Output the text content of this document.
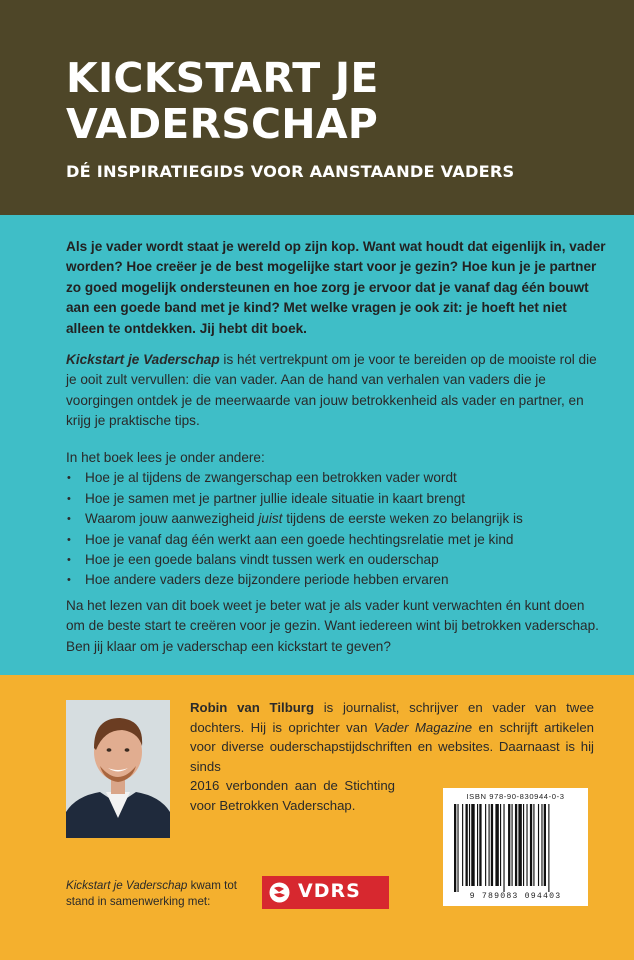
KICKSTART JE VADERSCHAP
DÉ INSPIRATIEGIDS VOOR AANSTAANDE VADERS
Als je vader wordt staat je wereld op zijn kop. Want wat houdt dat eigenlijk in, vader worden? Hoe creëer je de best mogelijke start voor je gezin? Hoe kun je je partner zo goed mogelijk ondersteunen en hoe zorg je ervoor dat je vanaf dag één bouwt aan een goede band met je kind? Met welke vragen je ook zit: je hoeft het niet alleen te ontdekken. Jij hebt dit boek.
Kickstart je Vaderschap is hét vertrekpunt om je voor te bereiden op de mooiste rol die je ooit zult vervullen: die van vader. Aan de hand van verhalen van vaders die je voorgingen ontdek je de meerwaarde van jouw betrokkenheid als vader en partner, en krijg je praktische tips.
In het boek lees je onder andere:
• Hoe je al tijdens de zwangerschap een betrokken vader wordt
• Hoe je samen met je partner jullie ideale situatie in kaart brengt
• Waarom jouw aanwezigheid juist tijdens de eerste weken zo belangrijk is
• Hoe je vanaf dag één werkt aan een goede hechtingsrelatie met je kind
• Hoe je een goede balans vindt tussen werk en ouderschap
• Hoe andere vaders deze bijzondere periode hebben ervaren
Na het lezen van dit boek weet je beter wat je als vader kunt verwachten én kunt doen om de beste start te creëren voor je gezin. Want iedereen wint bij betrokken vaderschap. Ben jij klaar om je vaderschap een kickstart te geven?
Robin van Tilburg is journalist, schrijver en vader van twee dochters. Hij is oprichter van Vader Magazine en schrijft artikelen voor diverse ouderschapstijdschriften en websites. Daarnaast is hij sinds
2016 verbonden aan de Stichting voor Betrokken Vaderschap.
ISBN 978-90-830944-0-3
9 789083 094403
Kickstart je Vaderschap kwam tot stand in samenwerking met:	VDRS
